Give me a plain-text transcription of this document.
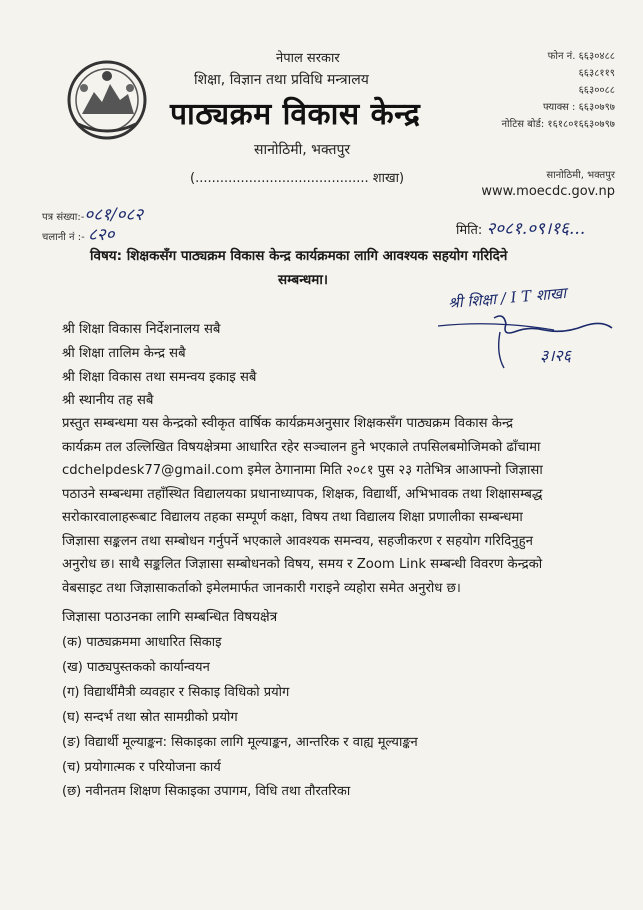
नेपाल सरकार
शिक्षा, विज्ञान तथा प्रविधि मन्त्रालय
पाठ्यक्रम विकास केन्द्र
सानोठिमी, भक्तपुर
(.......................................... शाखा)
फोन नं. ६६३०४८८
६६३८११९
६६३००८८
फ्याक्स : ६६३०७९७
नोटिस बोर्ड: १६१८०१६६३०७९७
सानोठिमी, भक्तपुर
www.moecdc.gov.np
पत्र संख्या:-०८१/०८२
चलानी नं :- ८२०	मिति: २०८१.०९।१६...
विषय: शिक्षकसँग पाठ्यक्रम विकास केन्द्र कार्यक्रमका लागि आवश्यक सहयोग गरिदिने
सम्बन्धमा।
श्री शिक्षा / I T शाखा
३।२६
श्री शिक्षा विकास निर्देशनालय सबै
श्री शिक्षा तालिम केन्द्र सबै
श्री शिक्षा विकास तथा समन्वय इकाइ सबै
श्री स्थानीय तह सबै
प्रस्तुत सम्बन्धमा यस केन्द्रको स्वीकृत वार्षिक कार्यक्रमअनुसार शिक्षकसँग पाठ्यक्रम विकास केन्द्र
कार्यक्रम तल उल्लिखित विषयक्षेत्रमा आधारित रहेर सञ्चालन हुने भएकाले तपसिलबमोजिमको ढाँचामा
cdchelpdesk77@gmail.com इमेल ठेगानामा मिति २०८१ पुस २३ गतेभित्र आआफ्नो जिज्ञासा
पठाउने सम्बन्धमा तहाँस्थित विद्यालयका प्रधानाध्यापक, शिक्षक, विद्यार्थी, अभिभावक तथा शिक्षासम्बद्ध
सरोकारवालाहरूबाट विद्यालय तहका सम्पूर्ण कक्षा, विषय तथा विद्यालय शिक्षा प्रणालीका सम्बन्धमा
जिज्ञासा सङ्कलन तथा सम्बोधन गर्नुपर्ने भएकाले आवश्यक समन्वय, सहजीकरण र सहयोग गरिदिनुहुन
अनुरोध छ। साथै सङ्कलित जिज्ञासा सम्बोधनको विषय, समय र Zoom Link सम्बन्धी विवरण केन्द्रको
वेबसाइट तथा जिज्ञासाकर्ताको इमेलमार्फत जानकारी गराइने व्यहोरा समेत अनुरोध छ।
जिज्ञासा पठाउनका लागि सम्बन्धित विषयक्षेत्र
(क) पाठ्यक्रममा आधारित सिकाइ
(ख) पाठ्यपुस्तकको कार्यान्वयन
(ग) विद्यार्थीमैत्री व्यवहार र सिकाइ विधिको प्रयोग
(घ) सन्दर्भ तथा स्रोत सामग्रीको प्रयोग
(ङ) विद्यार्थी मूल्याङ्कन: सिकाइका लागि मूल्याङ्कन, आन्तरिक र वाह्य मूल्याङ्कन
(च) प्रयोगात्मक र परियोजना कार्य
(छ) नवीनतम शिक्षण सिकाइका उपागम, विधि तथा तौरतरिका
